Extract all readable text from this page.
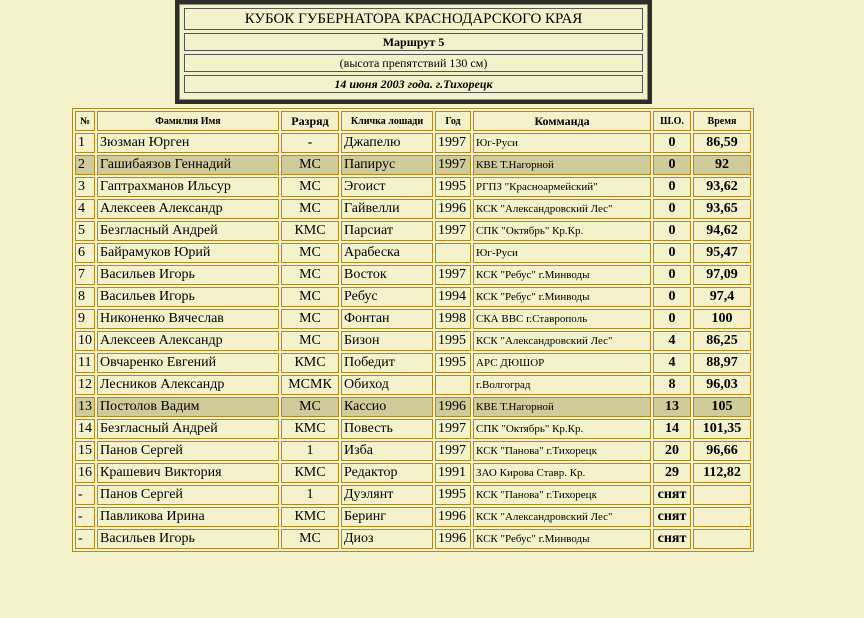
КУБОК ГУБЕРНАТОРА КРАСНОДАРСКОГО КРАЯ
Маршрут 5
(высота препятствий 130 см)
14 июня 2003 года. г.Тихорецк
№	Фамилия Имя	Разряд	Кличка лошади	Год	Комманда	Ш.О.	Время
1	Зюзман Юрген	-	Джапелю	1997	Юг-Руси	0	86,59
2	Гашибаязов Геннадий	МС	Папирус	1997	КВЕ Т.Нагорной	0	92
3	Гаптрахманов Ильсур	МС	Эгоист	1995	РГПЗ "Красноармейский"	0	93,62
4	Алексеев Александр	МС	Гайвелли	1996	КСК "Александровский Лес"	0	93,65
5	Безгласный Андрей	КМС	Парсиат	1997	СПК "Октябрь" Кр.Кр.	0	94,62
6	Байрамуков Юрий	МС	Арабеска		Юг-Руси	0	95,47
7	Васильев Игорь	МС	Восток	1997	КСК "Ребус" г.Минводы	0	97,09
8	Васильев Игорь	МС	Ребус	1994	КСК "Ребус" г.Минводы	0	97,4
9	Никоненко Вячеслав	МС	Фонтан	1998	СКА ВВС г.Ставрополь	0	100
10	Алексеев Александр	МС	Бизон	1995	КСК "Александровский Лес"	4	86,25
11	Овчаренко Евгений	КМС	Победит	1995	АРС ДЮШОР	4	88,97
12	Лесников Александр	МСМК	Обиход		г.Волгоград	8	96,03
13	Постолов Вадим	МС	Кассио	1996	КВЕ Т.Нагорной	13	105
14	Безгласный Андрей	КМС	Повесть	1997	СПК "Октябрь" Кр.Кр.	14	101,35
15	Панов Сергей	1	Изба	1997	КСК "Панова" г.Тихорецк	20	96,66
16	Крашевич Виктория	КМС	Редактор	1991	ЗАО Кирова Ставр. Кр.	29	112,82
-	Панов Сергей	1	Дуэлянт	1995	КСК "Панова" г.Тихорецк	снят	
-	Павликова Ирина	КМС	Беринг	1996	КСК "Александровский Лес"	снят	
-	Васильев Игорь	МС	Диоз	1996	КСК "Ребус" г.Минводы	снят	
